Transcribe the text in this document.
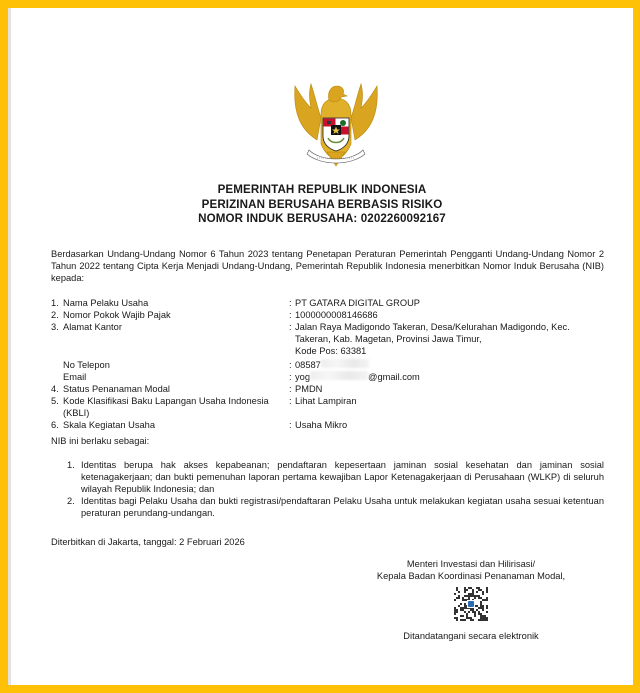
PEMERINTAH REPUBLIK INDONESIA
PERIZINAN BERUSAHA BERBASIS RISIKO
NOMOR INDUK BERUSAHA: 0202260092167
Berdasarkan Undang-Undang Nomor 6 Tahun 2023 tentang Penetapan Peraturan Pemerintah Pengganti Undang-Undang Nomor 2 Tahun 2022 tentang Cipta Kerja Menjadi Undang-Undang, Pemerintah Republik Indonesia menerbitkan Nomor Induk Berusaha (NIB) kepada:
1. Nama Pelaku Usaha	: PT GATARA DIGITAL GROUP
2. Nomor Pokok Wajib Pajak	: 1000000008146686
3. Alamat Kantor	: Jalan Raya Madigondo Takeran, Desa/Kelurahan Madigondo, Kec.
Takeran, Kab. Magetan, Provinsi Jawa Timur,
Kode Pos: 63381
No Telepon	: 08587
Email	: yog	@gmail.com
4. Status Penanaman Modal	: PMDN
5. Kode Klasifikasi Baku Lapangan Usaha Indonesia
(KBLI)
: Lihat Lampiran
6. Skala Kegiatan Usaha	: Usaha Mikro
NIB ini berlaku sebagai:
1. Identitas berupa hak akses kepabeanan; pendaftaran kepesertaan jaminan sosial kesehatan dan jaminan sosial ketenagakerjaan; dan bukti pemenuhan laporan pertama kewajiban Lapor Ketenagakerjaan di Perusahaan (WLKP) di seluruh wilayah Republik Indonesia; dan
2. Identitas bagi Pelaku Usaha dan bukti registrasi/pendaftaran Pelaku Usaha untuk melakukan kegiatan usaha sesuai ketentuan peraturan perundang-undangan.
Diterbitkan di Jakarta, tanggal: 2 Februari 2026
Menteri Investasi dan Hilirisasi/
Kepala Badan Koordinasi Penanaman Modal,
Ditandatangani secara elektronik
